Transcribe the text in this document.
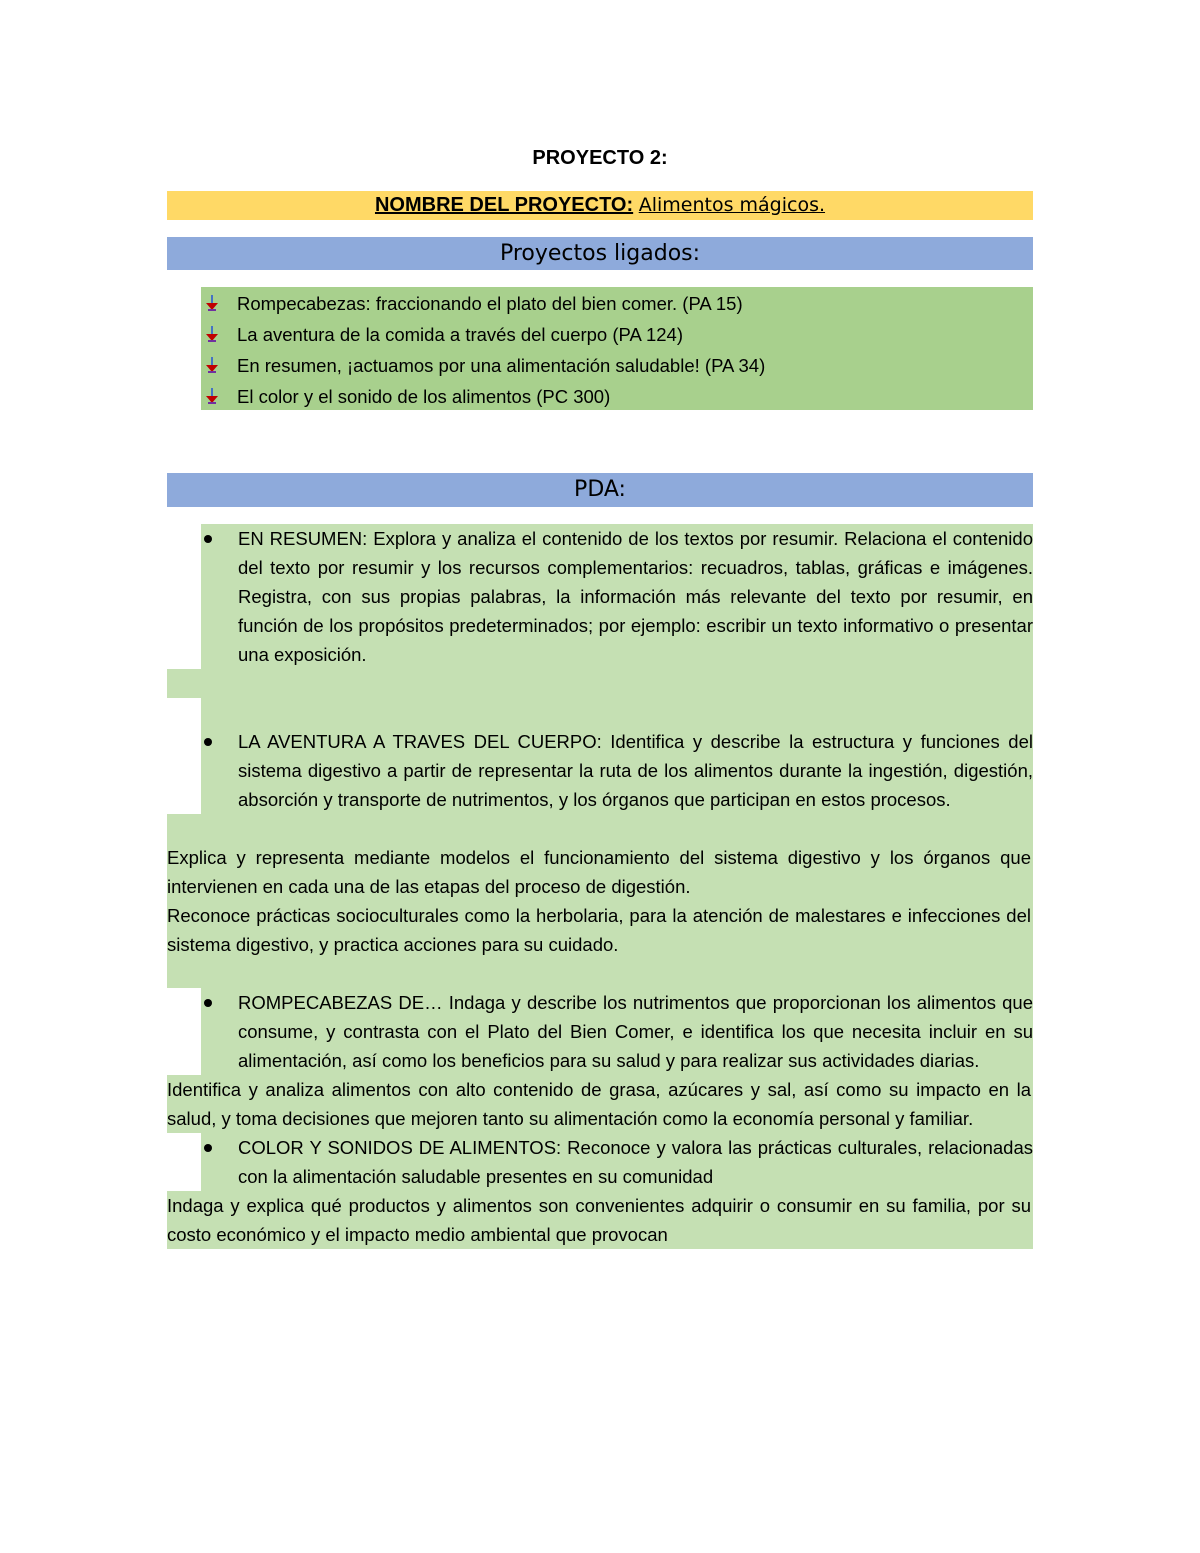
PROYECTO 2:
NOMBRE DEL PROYECTO: Alimentos mágicos.
Proyectos ligados:
Rompecabezas: fraccionando el plato del bien comer. (PA 15)
La aventura de la comida a través del cuerpo (PA 124)
En resumen, ¡actuamos por una alimentación saludable! (PA 34)
El color y el sonido de los alimentos (PC 300)
PDA:
EN RESUMEN: Explora y analiza el contenido de los textos por resumir. Relaciona el contenido del texto por resumir y los recursos complementarios: recuadros, tablas, gráficas e imágenes. Registra, con sus propias palabras, la información más relevante del texto por resumir, en función de los propósitos predeterminados; por ejemplo: escribir un texto informativo o presentar una exposición.
LA AVENTURA A TRAVES DEL CUERPO: Identifica y describe la estructura y funciones del sistema digestivo a partir de representar la ruta de los alimentos durante la ingestión, digestión, absorción y transporte de nutrimentos, y los órganos que participan en estos procesos.
Explica y representa mediante modelos el funcionamiento del sistema digestivo y los órganos que intervienen en cada una de las etapas del proceso de digestión.
Reconoce prácticas socioculturales como la herbolaria, para la atención de malestares e infecciones del sistema digestivo, y practica acciones para su cuidado.
ROMPECABEZAS DE… Indaga y describe los nutrimentos que proporcionan los alimentos que consume, y contrasta con el Plato del Bien Comer, e identifica los que necesita incluir en su alimentación, así como los beneficios para su salud y para realizar sus actividades diarias.
Identifica y analiza alimentos con alto contenido de grasa, azúcares y sal, así como su impacto en la salud, y toma decisiones que mejoren tanto su alimentación como la economía personal y familiar.
COLOR Y SONIDOS DE ALIMENTOS: Reconoce y valora las prácticas culturales, relacionadas con la alimentación saludable presentes en su comunidad
Indaga y explica qué productos y alimentos son convenientes adquirir o consumir en su familia, por su costo económico y el impacto medio ambiental que provocan
